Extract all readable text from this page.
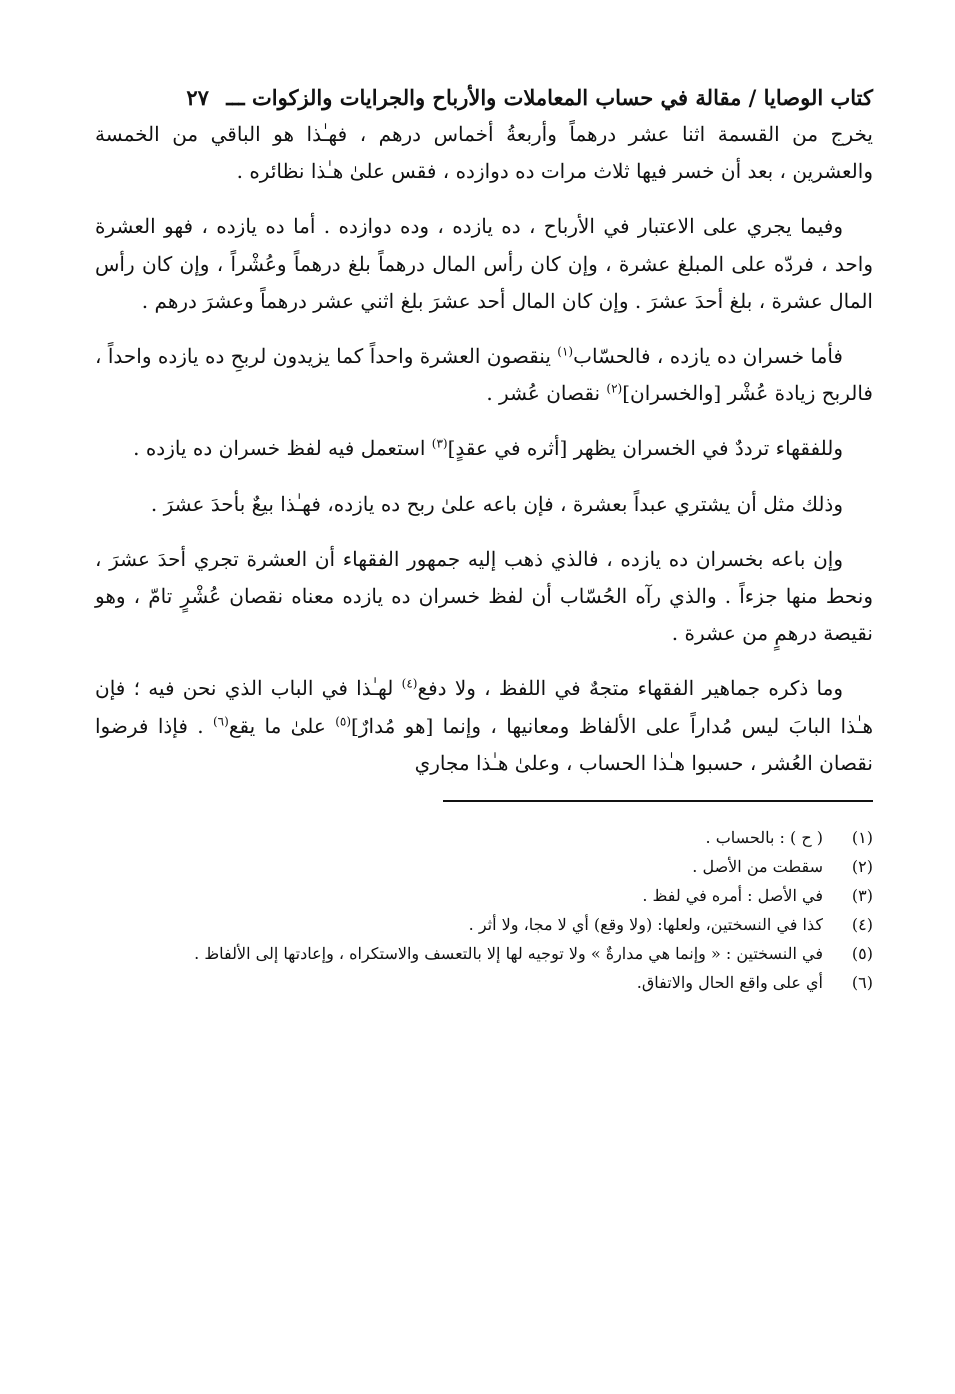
كتاب الوصايا / مقالة في حساب المعاملات والأرباح والجرايات والزكوات ـــ ٢٧

يخرج من القسمة اثنا عشر درهماً وأربعةُ أخماس درهم ، فهـٰذا هو الباقي من الخمسة والعشرين ، بعد أن خسر فيها ثلاث مرات ده دوازده ، فقس علىٰ هـٰذا نظائره .

وفيما يجري على الاعتبار في الأرباح ، ده يازده ، وده دوازده . أما ده يازده ، فهو العشرة واحد ، فردّه على المبلغ عشرة ، وإن كان رأس المال درهماً بلغ درهماً وعُشْراً ، وإن كان رأس المال عشرة ، بلغ أحدَ عشرَ . وإن كان المال أحد عشرَ بلغ اثني عشر درهماً وعشرَ درهم .

فأما خسران ده يازده ، فالحسّاب$^{(١)}$ ينقصون العشرة واحداً كما يزيدون لربحِ ده يازده واحداً ، فالربح زيادة عُشْر [والخسران]$^{(٢)}$ نقصان عُشر .

وللفقهاء ترددٌ في الخسران يظهر [أثره في عقدٍ]$^{(٣)}$ استعمل فيه لفظ خسران ده يازده .

وذلك مثل أن يشتري عبداً بعشرة ، فإن باعه علىٰ ربح ده يازده، فهـٰذا بيعٌ بأحدَ عشرَ .

وإن باعه بخسران ده يازده ، فالذي ذهب إليه جمهور الفقهاء أن العشرة تجري أحدَ عشرَ ، ونحط منها جزءاً . والذي رآه الحُسّاب أن لفظ خسران ده يازده معناه نقصان عُشْرٍ تامّ ، وهو نقيصة درهمٍ من عشرة .

وما ذكره جماهير الفقهاء متجهٌ في اللفظ ، ولا دفع$^{(٤)}$ لهـٰذا في الباب الذي نحن فيه ؛ فإن هـٰذا البابَ ليس مُداراً على الألفاظ ومعانيها ، وإنما [هو مُدارٌ]$^{(٥)}$ علىٰ ما يقع$^{(٦)}$ . فإذا فرضوا نقصان العُشر ، حسبوا هـٰذا الحساب ، وعلىٰ هـٰذا مجاري

(١)
( ح ) : بالحساب .
(٢)
سقطت من الأصل .
(٣)
في الأصل : أمره في لفظ .
(٤)
كذا في النسختين، ولعلها: (ولا وقع) أي لا مجا، ولا أثر .
(٥)
في النسختين : « وإنما هي مدارةٌ » ولا توجيه لها إلا بالتعسف والاستكراه ، وإعادتها إلى الألفاظ .
(٦)
أي على واقع الحال والاتفاق.
